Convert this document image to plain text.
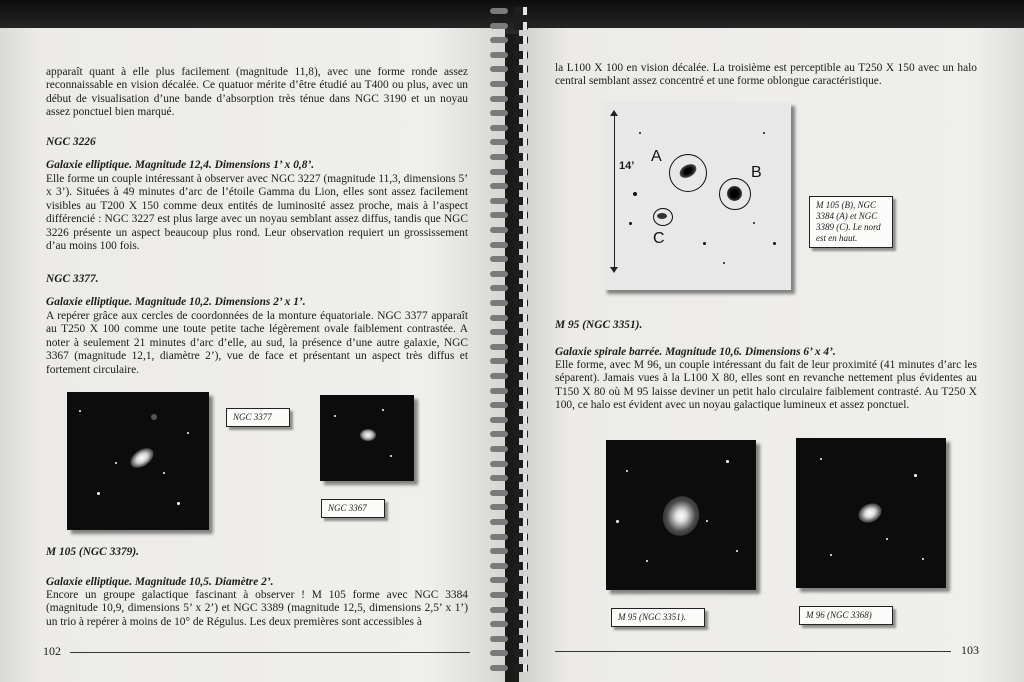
apparaît quant à elle plus facilement (magnitude 11,8), avec une forme ronde assez reconnaissable en vision décalée. Ce quatuor mérite d’être étudié au T400 ou plus, avec un début de visualisation d’une bande d’absorption très ténue dans NGC 3190 et un noyau assez ponctuel bien marqué.
NGC 3226
Galaxie elliptique. Magnitude 12,4. Dimensions 1’ x 0,8’.
Elle forme un couple intéressant à observer avec NGC 3227 (magnitude 11,3, dimensions 5’ x 3’). Situées à 49 minutes d’arc de l’étoile Gamma du Lion, elles sont assez facilement visibles au T200 X 150 comme deux entités de luminosité assez proche, mais à l’aspect différencié : NGC 3227 est plus large avec un noyau semblant assez diffus, tandis que NGC 3226 présente un aspect beaucoup plus rond. Leur observation requiert un grossissement d’au moins 100 fois.
NGC 3377.
Galaxie elliptique. Magnitude 10,2. Dimensions 2’ x 1’.
A repérer grâce aux cercles de coordonnées de la monture équatoriale. NGC 3377 apparaît au T250 X 100 comme une toute petite tache légèrement ovale faiblement contrastée. A noter à seulement 21 minutes d’arc d’elle, au sud, la présence d’une autre galaxie, NGC 3367 (magnitude 12,1, diamètre 2’), vue de face et présentant un aspect très diffus et fortement circulaire.
NGC 3377
NGC 3367
M 105 (NGC 3379).
Galaxie elliptique. Magnitude 10,5. Diamètre 2’.
Encore un groupe galactique fascinant à observer ! M 105 forme avec NGC 3384 (magnitude 10,9, dimensions 5’ x 2’) et NGC 3389 (magnitude 12,5, dimensions 2,5’ x 1’) un trio à repérer à moins de 10° de Régulus. Les deux premières sont accessibles à
102
la L100 X 100 en vision décalée. La troisième est perceptible au T250 X 150 avec un halo central semblant assez concentré et une forme oblongue caractéristique.
14’
A
B
C
M 105 (B), NGC 3384 (A) et NGC 3389 (C). Le nord est en haut.
M 95 (NGC 3351).
Galaxie spirale barrée. Magnitude 10,6. Dimensions 6’ x 4’.
Elle forme, avec M 96, un couple intéressant du fait de leur proximité (41 minutes d’arc les séparent). Jamais vues à la L100 X 80, elles sont en revanche nettement plus évidentes au T150 X 80 où M 95 laisse deviner un petit halo circulaire faiblement contrasté. Au T250 X 100, ce halo est évident avec un noyau galactique lumineux et assez ponctuel.
M 95 (NGC 3351).	M 96 (NGC 3368)
103
